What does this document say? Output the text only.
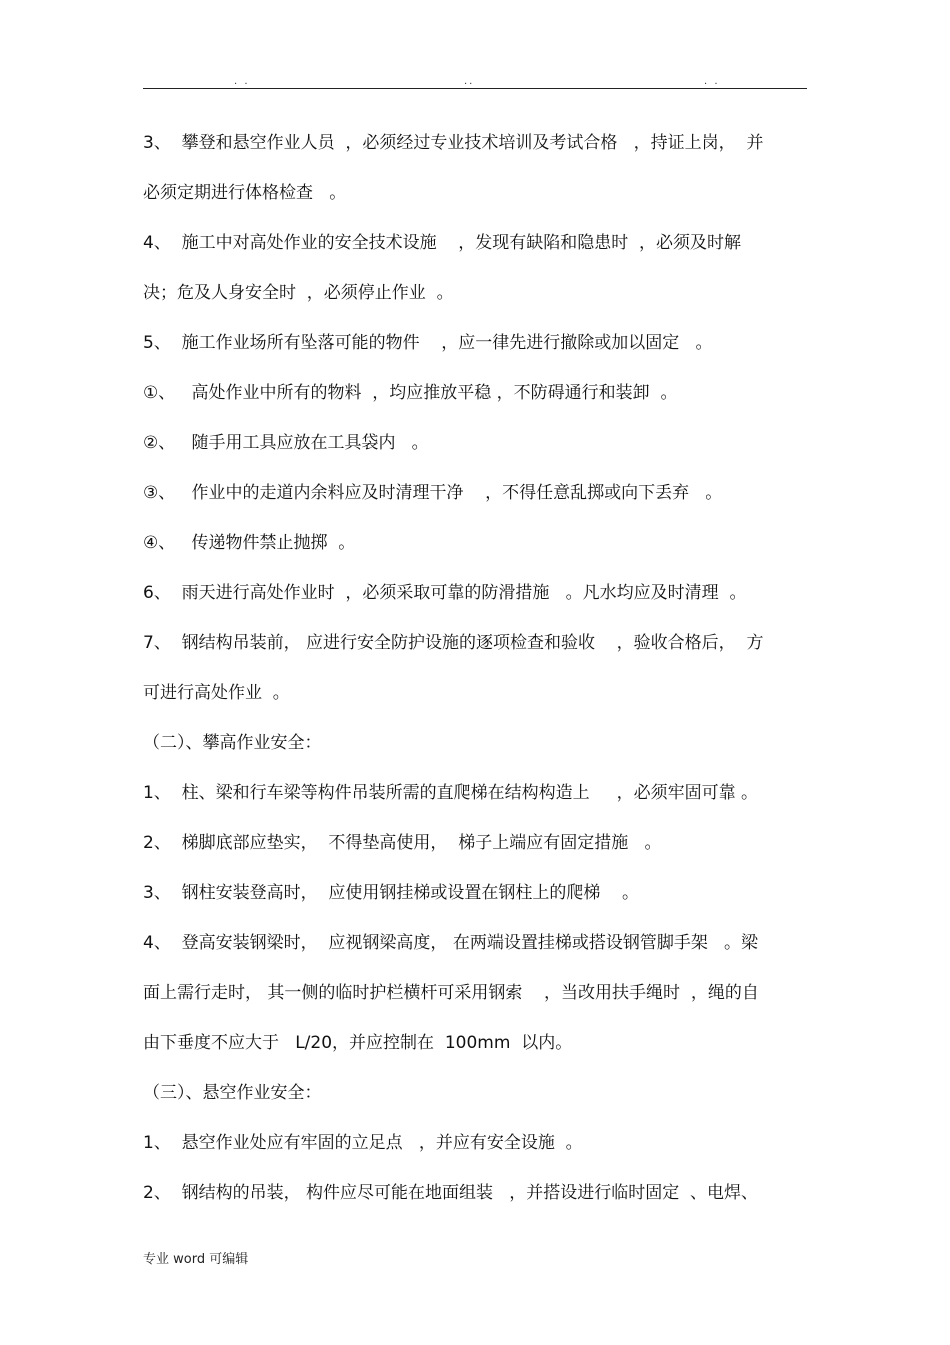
. .	..	. .
3、  攀登和悬空作业人员  ，必须经过专业技术培训及考试合格   ，持证上岗，  并
必须定期进行体格检查   。
4、  施工中对高处作业的安全技术设施    ，发现有缺陷和隐患时  ，必须及时解
决；危及人身安全时  ，必须停止作业  。
5、  施工作业场所有坠落可能的物件    ，应一律先进行撤除或加以固定   。
①、   高处作业中所有的物料  ，均应推放平稳 ，不防碍通行和装卸  。
②、   随手用工具应放在工具袋内   。
③、   作业中的走道内余料应及时清理干净    ，不得任意乱掷或向下丢弃   。
④、   传递物件禁止抛掷  。
6、  雨天进行高处作业时  ，必须采取可靠的防滑措施   。凡水均应及时清理  。
7、  钢结构吊装前， 应进行安全防护设施的逐项检查和验收    ，验收合格后，  方
可进行高处作业  。
（二）、攀高作业安全：
1、  柱、梁和行车梁等构件吊装所需的直爬梯在结构构造上     ，必须牢固可靠 。
2、  梯脚底部应垫实，  不得垫高使用，  梯子上端应有固定措施   。
3、  钢柱安装登高时，  应使用钢挂梯或设置在钢柱上的爬梯    。
4、  登高安装钢梁时，  应视钢梁高度， 在两端设置挂梯或搭设钢管脚手架   。梁
面上需行走时， 其一侧的临时护栏横杆可采用钢索    ，当改用扶手绳时  ，绳的自
由下垂度不应大于   L/20，并应控制在  100mm  以内。
（三）、悬空作业安全：
1、  悬空作业处应有牢固的立足点   ，并应有安全设施  。
2、  钢结构的吊装， 构件应尽可能在地面组装   ，并搭设进行临时固定  、电焊、
专业 word 可编辑
